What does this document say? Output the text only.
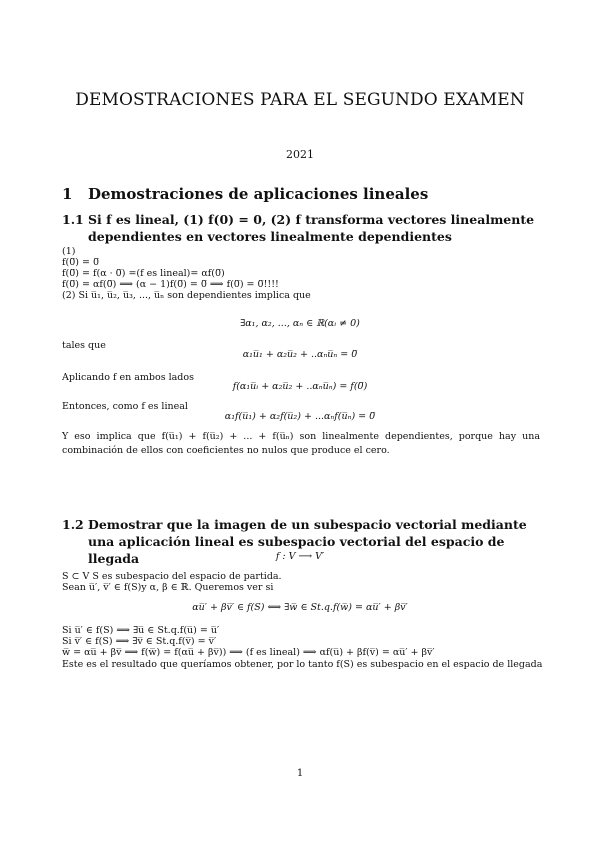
DEMOSTRACIONES PARA EL SEGUNDO EXAMEN
2021
1 Demostraciones de aplicaciones lineales
1.1 Si f es lineal, (1) f(0) = 0, (2) f transforma vectores linealmente dependientes en vectores linealmente dependientes
(1)
f(0̅) = 0̅
f(0̅) = f(α · 0̅) =(f es lineal)= αf(0̅)
f(0̅) = αf(0̅) ⟹ (α − 1)f(0̅) = 0̅ ⟹ f(0̅) = 0̅!!!!
(2) Si u̅₁, u̅₂, u̅₃, ..., u̅ₙ son dependientes implica que
∃α₁, α₂, ..., αₙ ∈ ℝ(αᵢ ≠ 0)
tales que
α₁u̅₁ + α₂u̅₂ + ..αₙu̅ₙ = 0̅
Aplicando f en ambos lados
f(α₁u̅ᵢ + α₂u̅₂ + ..αₙu̅ₙ) = f(0̅)
Entonces, como f es lineal
α₁f(u̅₁) + α₂f(u̅₂) + ...αₙf(u̅ₙ) = 0̅
Y eso implica que f(u̅₁) + f(u̅₂) + ... + f(u̅ₙ) son linealmente dependientes, porque hay una combinación de ellos con coeficientes no nulos que produce el cero.
1.2 Demostrar que la imagen de un subespacio vectorial mediante una aplicación lineal es subespacio vectorial del espacio de llegada	f : V ⟶ V′
S ⊂ V S es subespacio del espacio de partida.
Sean u̅′, v̅′ ∈ f(S)y α, β ∈ ℝ. Queremos ver si
αu̅′ + βv̅′ ∈ f(S) ⟺ ∃w̅ ∈ St.q.f(w̅) = αu̅′ + βv̅′
Si u̅′ ∈ f(S) ⟹ ∃u̅ ∈ St.q.f(u̅) = u̅′
Si v̅′ ∈ f(S) ⟹ ∃v̅ ∈ St.q.f(v̅) = v̅′
w̅ = αu̅ + βv̅ ⟹ f(w̅) = f(αu̅ + βv̅)) ⟹ (f es lineal) ⟹ αf(u̅) + βf(v̅) = αu̅′ + βv̅′
Este es el resultado que queríamos obtener, por lo tanto f(S) es subespacio en el espacio de llegada
1
